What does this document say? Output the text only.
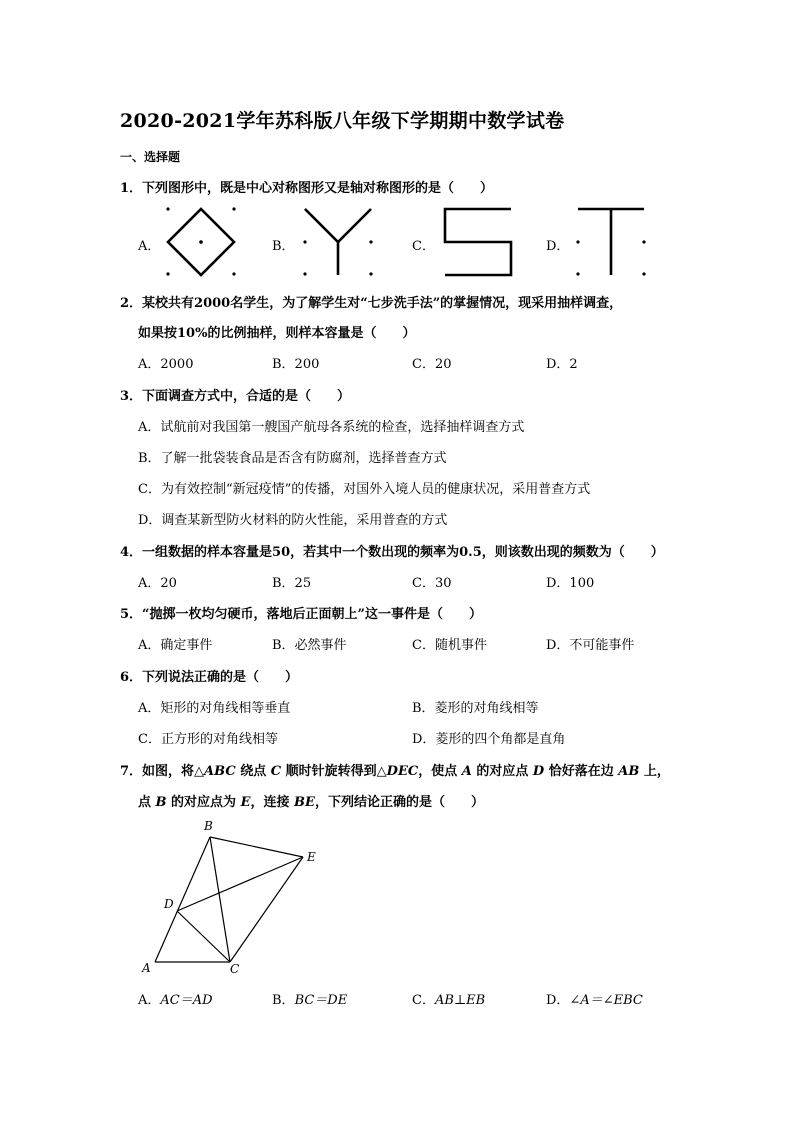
2020-2021学年苏科版八年级下学期期中数学试卷
一、选择题
1．下列图形中，既是中心对称图形又是轴对称图形的是（　　）
A．	B．	C．	D．
B
E
D
A	C
2．某校共有2000名学生，为了解学生对“七步洗手法”的掌握情况，现采用抽样调查，
如果按10%的比例抽样，则样本容量是（　　）
A．2000	B．200	C．20	D．2
3．下面调查方式中，合适的是（　　）
A．试航前对我国第一艘国产航母各系统的检查，选择抽样调查方式
B．了解一批袋装食品是否含有防腐剂，选择普查方式
C．为有效控制“新冠疫情”的传播，对国外入境人员的健康状况，采用普查方式
D．调查某新型防火材料的防火性能，采用普查的方式
4．一组数据的样本容量是50，若其中一个数出现的频率为0.5，则该数出现的频数为（　　）
A．20	B．25	C．30	D．100
5．“抛掷一枚均匀硬币，落地后正面朝上”这一事件是（　　）
A．确定事件	B．必然事件	C．随机事件	D．不可能事件
6．下列说法正确的是（　　）
A．矩形的对角线相等垂直	B．菱形的对角线相等
C．正方形的对角线相等	D．菱形的四个角都是直角
7．如图，将△ABC 绕点 C 顺时针旋转得到△DEC，使点 A 的对应点 D 恰好落在边 AB 上，
点 B 的对应点为 E，连接 BE，下列结论正确的是（　　）
A．AC＝AD	B．BC＝DE	C．AB⊥EB	D．∠A＝∠EBC
